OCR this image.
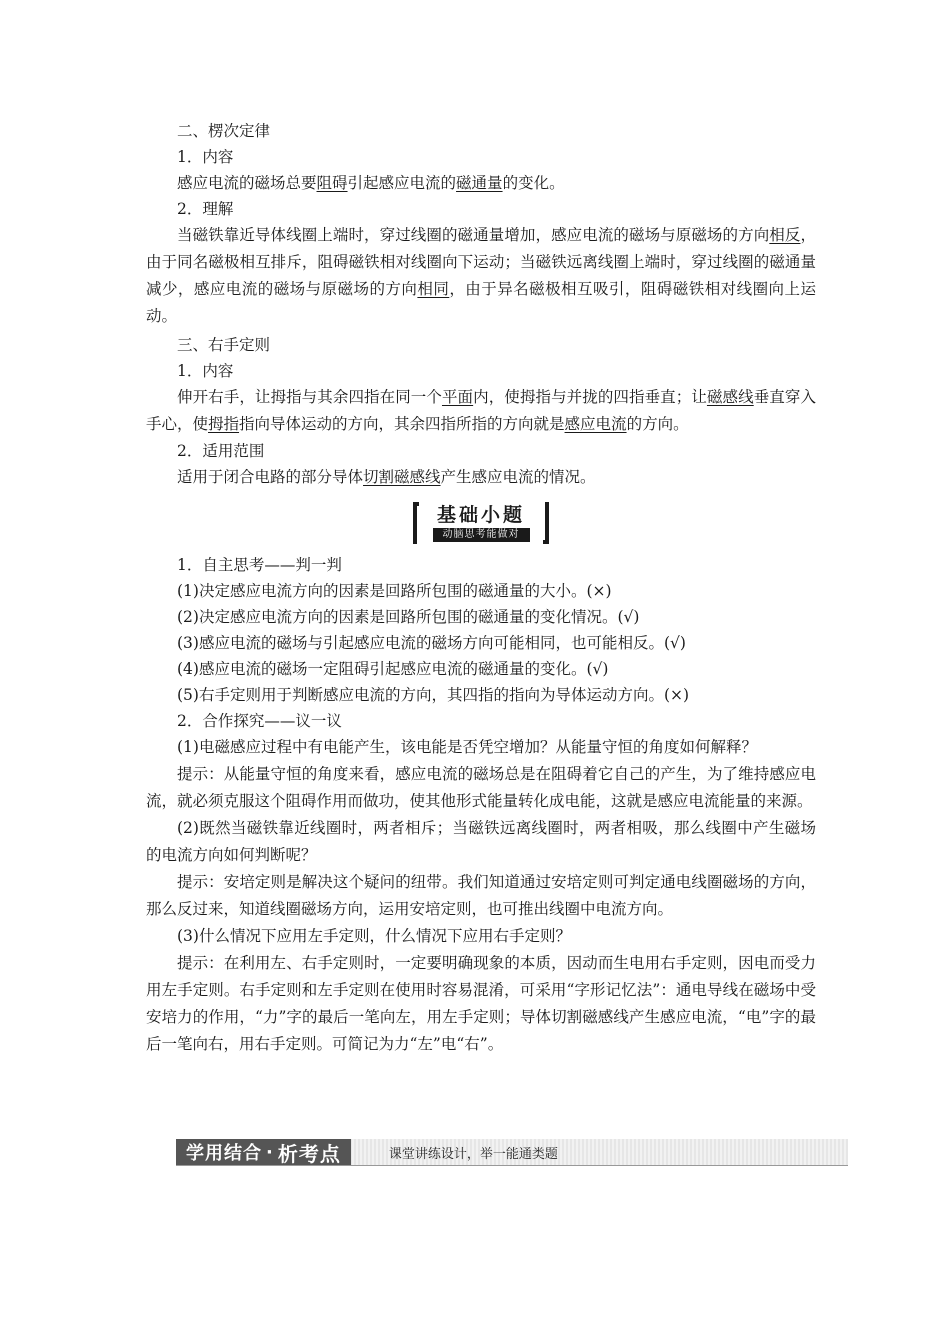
二、楞次定律

1．内容

感应电流的磁场总要阻碍引起感应电流的磁通量的变化。

2．理解

当磁铁靠近导体线圈上端时，穿过线圈的磁通量增加，感应电流的磁场与原磁场的方向相反，由于同名磁极相互排斥，阻碍磁铁相对线圈向下运动；当磁铁远离线圈上端时，穿过线圈的磁通量减少，感应电流的磁场与原磁场的方向相同，由于异名磁极相互吸引，阻碍磁铁相对线圈向上运动。

三、右手定则

1．内容

伸开右手，让拇指与其余四指在同一个平面内，使拇指与并拢的四指垂直；让磁感线垂直穿入手心，使拇指指向导体运动的方向，其余四指所指的方向就是感应电流的方向。

2．适用范围

适用于闭合电路的部分导体切割磁感线产生感应电流的情况。

基础小题
动脑思考能做对

1．自主思考——判一判

(1)决定感应电流方向的因素是回路所包围的磁通量的大小。(×)

(2)决定感应电流方向的因素是回路所包围的磁通量的变化情况。(√)

(3)感应电流的磁场与引起感应电流的磁场方向可能相同，也可能相反。(√)

(4)感应电流的磁场一定阻碍引起感应电流的磁通量的变化。(√)

(5)右手定则用于判断感应电流的方向，其四指的指向为导体运动方向。(×)

2．合作探究——议一议

(1)电磁感应过程中有电能产生，该电能是否凭空增加？从能量守恒的角度如何解释？

提示：从能量守恒的角度来看，感应电流的磁场总是在阻碍着它自己的产生，为了维持感应电流，就必须克服这个阻碍作用而做功，使其他形式能量转化成电能，这就是感应电流能量的来源。

(2)既然当磁铁靠近线圈时，两者相斥；当磁铁远离线圈时，两者相吸，那么线圈中产生磁场的电流方向如何判断呢？

提示：安培定则是解决这个疑问的纽带。我们知道通过安培定则可判定通电线圈磁场的方向，那么反过来，知道线圈磁场方向，运用安培定则，也可推出线圈中电流方向。

(3)什么情况下应用左手定则，什么情况下应用右手定则？

提示：在利用左、右手定则时，一定要明确现象的本质，因动而生电用右手定则，因电而受力用左手定则。右手定则和左手定则在使用时容易混淆，可采用“字形记忆法”：通电导线在磁场中受安培力的作用，“力”字的最后一笔向左，用左手定则；导体切割磁感线产生感应电流，“电”字的最后一笔向右，用右手定则。可简记为力“左”电“右”。

学用结合 · 析考点	课堂讲练设计，举一能通类题
